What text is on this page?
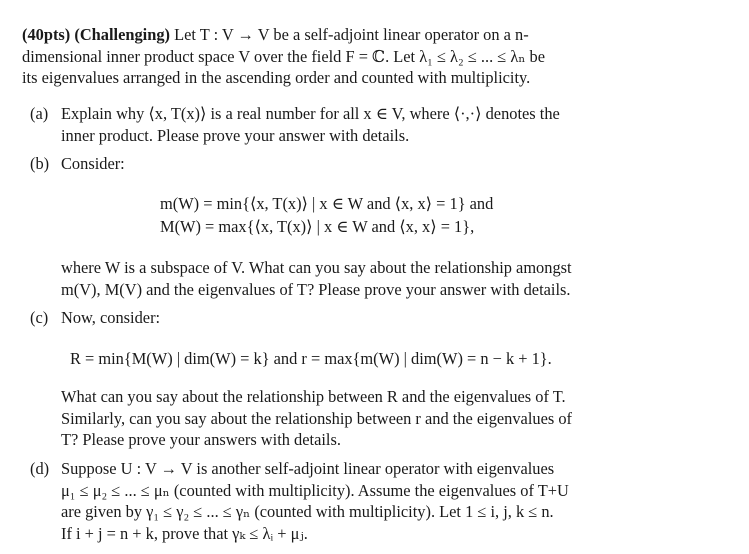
(40pts) (Challenging) Let T : V → V be a self-adjoint linear operator on a n-
dimensional inner product space V over the field F = ℂ. Let λ₁ ≤ λ₂ ≤ ... ≤ λₙ be
its eigenvalues arranged in the ascending order and counted with multiplicity.
(a) Explain why ⟨x, T(x)⟩ is a real number for all x ∈ V, where ⟨·,·⟩ denotes the
inner product. Please prove your answer with details.
(b) Consider:
m(W) = min{⟨x, T(x)⟩ | x ∈ W and ⟨x, x⟩ = 1} and
M(W) = max{⟨x, T(x)⟩ | x ∈ W and ⟨x, x⟩ = 1},
where W is a subspace of V. What can you say about the relationship amongst
m(V), M(V) and the eigenvalues of T? Please prove your answer with details.
(c) Now, consider:
R = min{M(W) | dim(W) = k} and r = max{m(W) | dim(W) = n − k + 1}.
What can you say about the relationship between R and the eigenvalues of T.
Similarly, can you say about the relationship between r and the eigenvalues of
T? Please prove your answers with details.
(d) Suppose U : V → V is another self-adjoint linear operator with eigenvalues
μ₁ ≤ μ₂ ≤ ... ≤ μₙ (counted with multiplicity). Assume the eigenvalues of T+U
are given by γ₁ ≤ γ₂ ≤ ... ≤ γₙ (counted with multiplicity). Let 1 ≤ i, j, k ≤ n.
If i + j = n + k, prove that γₖ ≤ λᵢ + μⱼ.
